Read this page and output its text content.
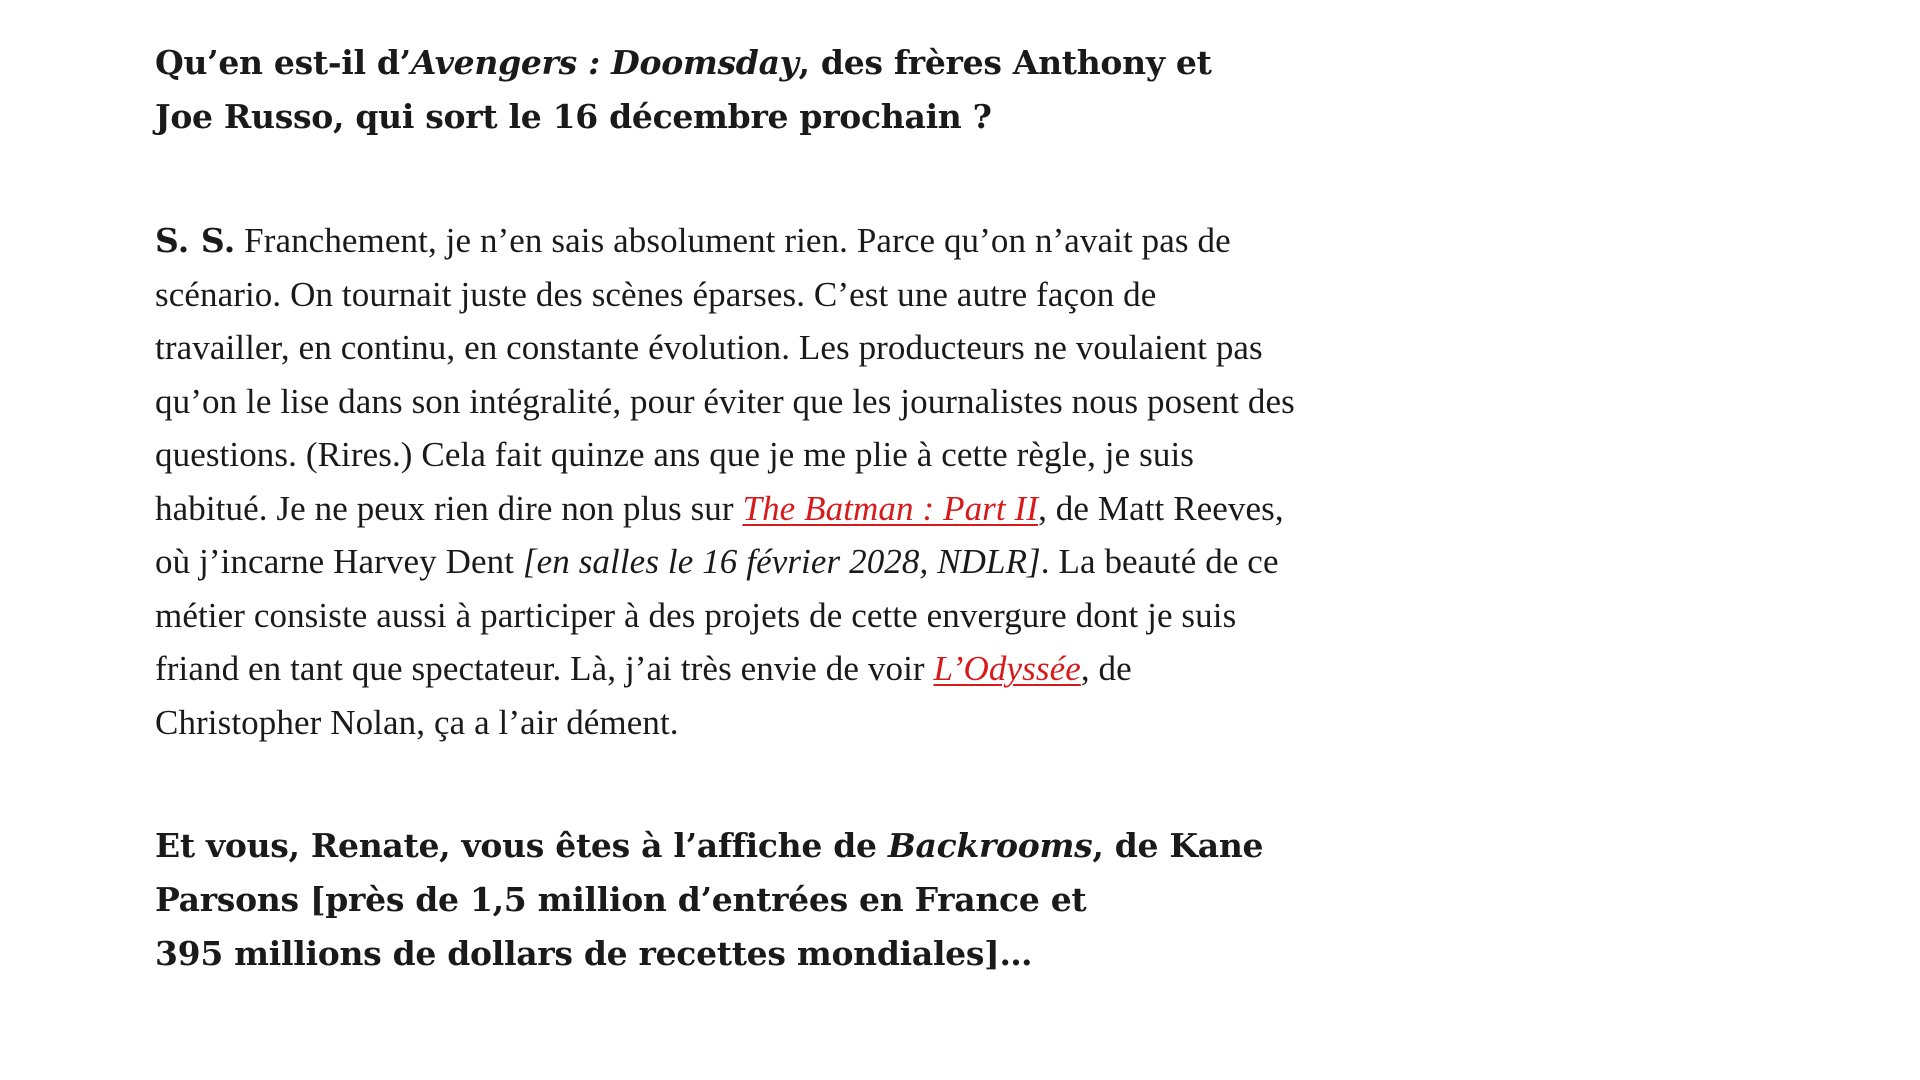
Qu’en est-il d’Avengers : Doomsday, des frères Anthony et
Joe Russo, qui sort le 16 décembre prochain ?

S. S. Franchement, je n’en sais absolument rien. Parce qu’on n’avait pas de scénario. On tournait juste des scènes éparses. C’est une autre façon de travailler, en continu, en constante évolution. Les producteurs ne voulaient pas qu’on le lise dans son intégralité, pour éviter que les journalistes nous posent des questions. (Rires.) Cela fait quinze ans que je me plie à cette règle, je suis habitué. Je ne peux rien dire non plus sur The Batman : Part II, de Matt Reeves, où j’incarne Harvey Dent [en salles le 16 février 2028, NDLR]. La beauté de ce métier consiste aussi à participer à des projets de cette envergure dont je suis friand en tant que spectateur. Là, j’ai très envie de voir L’Odyssée, de Christopher Nolan, ça a l’air dément.

Et vous, Renate, vous êtes à l’affiche de Backrooms, de Kane
Parsons [près de 1,5 million d’entrées en France et
395 millions de dollars de recettes mondiales]…
